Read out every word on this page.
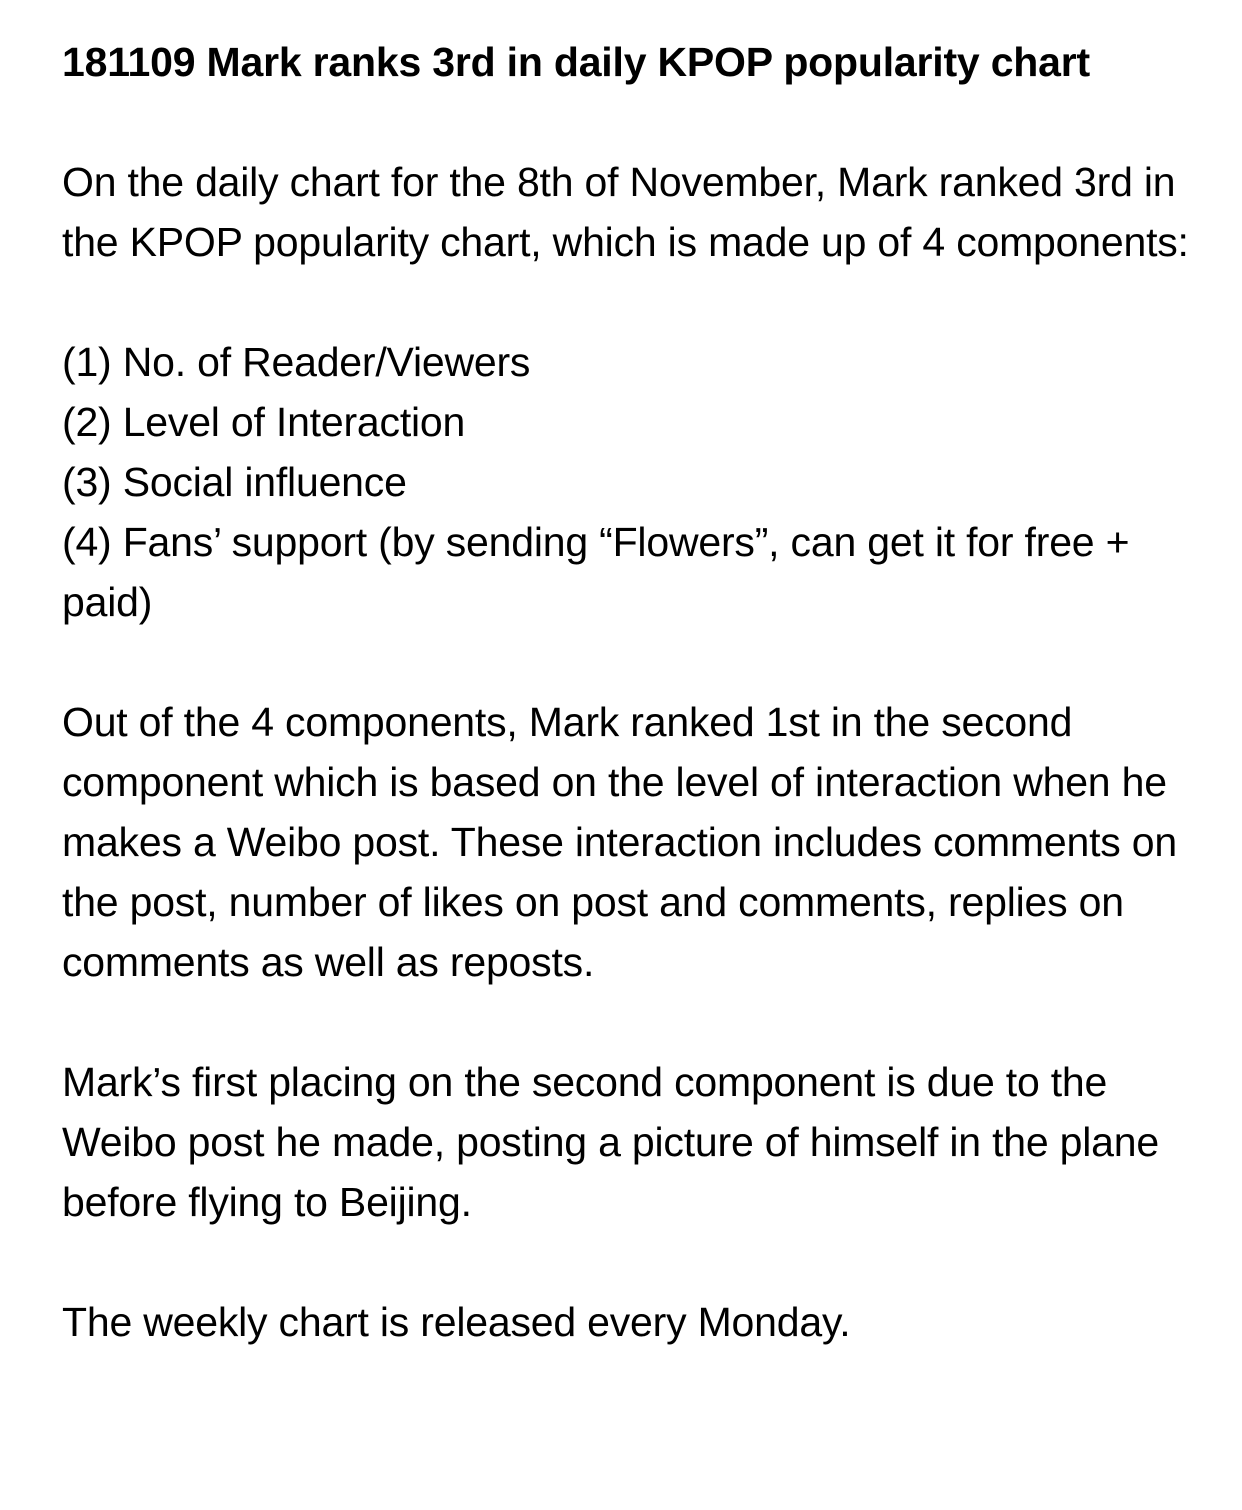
181109 Mark ranks 3rd in daily KPOP popularity chart

On the daily chart for the 8th of November, Mark ranked 3rd in the KPOP popularity chart, which is made up of 4 components:

(1) No. of Reader/Viewers
(2) Level of Interaction
(3) Social influence
(4) Fans’ support (by sending “Flowers”, can get it for free + paid)

Out of the 4 components, Mark ranked 1st in the second component which is based on the level of interaction when he makes a Weibo post. These interaction includes comments on the post, number of likes on post and comments, replies on comments as well as reposts.

Mark’s first placing on the second component is due to the Weibo post he made, posting a picture of himself in the plane before flying to Beijing.

The weekly chart is released every Monday.
